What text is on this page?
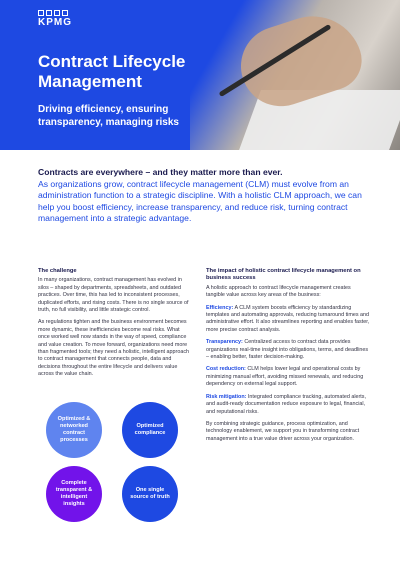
KPMG
Contract Lifecycle
Management
Driving efficiency, ensuring transparency, managing risks
Contracts are everywhere – and they matter more than ever.
As organizations grow, contract lifecycle management (CLM) must evolve from an administration function to a strategic discipline. With a holistic CLM approach, we can help you boost efficiency, increase transparency, and reduce risk, turning contract management into a strategic advantage.
The challenge

In many organizations, contract management has evolved in silos – shaped by departments, spreadsheets, and outdated practices. Over time, this has led to inconsistent processes, duplicated efforts, and rising costs. There is no single source of truth, no full visibility, and little strategic control.

As regulations tighten and the business environment becomes more dynamic, these inefficiencies become real risks. What once worked well now stands in the way of speed, compliance and value creation. To move forward, organizations need more than fragmented tools; they need a holistic, intelligent approach to contract management that connects people, data and decisions throughout the entire lifecycle and delivers value across the value chain.

The impact of holistic contract lifecycle management on business success

A holistic approach to contract lifecycle management creates tangible value across key areas of the business:

Efficiency: A CLM system boosts efficiency by standardizing templates and automating approvals, reducing turnaround times and administrative effort. It also streamlines reporting and enables faster, more precise contract analysis.

Transparency: Centralized access to contract data provides organizations real-time insight into obligations, terms, and deadlines – enabling better, faster decision-making.

Cost reduction: CLM helps lower legal and operational costs by minimizing manual effort, avoiding missed renewals, and reducing dependency on external legal support.

Risk mitigation: Integrated compliance tracking, automated alerts, and audit-ready documentation reduce exposure to legal, financial, and reputational risks.

By combining strategic guidance, process optimization, and technology enablement, we support you in transforming contract management into a true value driver across your organization.

Optimized & networked contract processes
Optimized compliance
Complete transparent & intelligent insights
One single source of truth
